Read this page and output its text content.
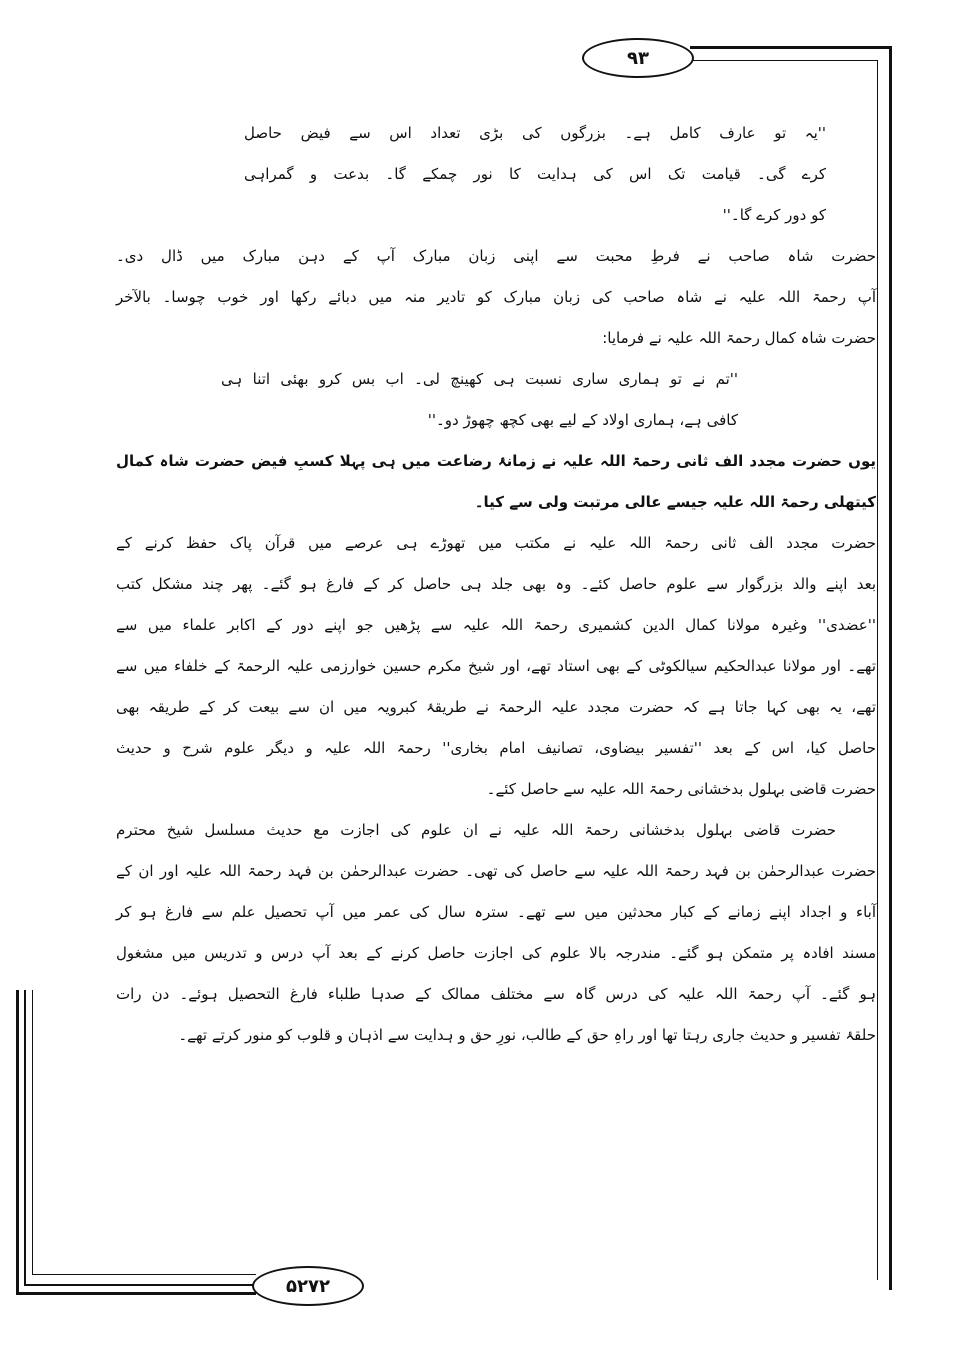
۹۳
۵۲۷۲
''یہ تو عارف کامل ہے۔ بزرگوں کی بڑی تعداد اس سے فیض حاصل
کرے گی۔ قیامت تک اس کی ہدایت کا نور چمکے گا۔ بدعت و گمراہی
کو دور کرے گا۔''
حضرت شاہ صاحب نے فرطِ محبت سے اپنی زبان مبارک آپ کے دہن مبارک میں ڈال دی۔
آپ رحمۃ اللہ علیہ نے شاہ صاحب کی زبان مبارک کو تادیر منہ میں دبائے رکھا اور خوب چوسا۔ بالآخر
حضرت شاہ کمال رحمۃ اللہ علیہ نے فرمایا:
''تم نے تو ہماری ساری نسبت ہی کھینچ لی۔ اب بس کرو بھئی اتنا ہی
کافی ہے، ہماری اولاد کے لیے بھی کچھ چھوڑ دو۔''
یوں حضرت مجدد الف ثانی رحمۃ اللہ علیہ نے زمانۂ رضاعت میں ہی پہلا کسبِ فیض حضرت شاہ کمال
کیتھلی رحمۃ اللہ علیہ جیسے عالی مرتبت ولی سے کیا۔
حضرت مجدد الف ثانی رحمۃ اللہ علیہ نے مکتب میں تھوڑے ہی عرصے میں قرآن پاک حفظ کرنے کے
بعد اپنے والد بزرگوار سے علوم حاصل کئے۔ وہ بھی جلد ہی حاصل کر کے فارغ ہو گئے۔ پھر چند مشکل کتب
''عضدی'' وغیرہ مولانا کمال الدین کشمیری رحمۃ اللہ علیہ سے پڑھیں جو اپنے دور کے اکابر علماء میں سے
تھے۔ اور مولانا عبدالحکیم سیالکوٹی کے بھی استاد تھے، اور شیخ مکرم حسین خوارزمی علیہ الرحمۃ کے خلفاء میں سے
تھے، یہ بھی کہا جاتا ہے کہ حضرت مجدد علیہ الرحمۃ نے طریقۂ کبرویہ میں ان سے بیعت کر کے طریقہ بھی
حاصل کیا، اس کے بعد ''تفسیر بیضاوی، تصانیف امام بخاری'' رحمۃ اللہ علیہ و دیگر علوم شرح و حدیث
حضرت قاضی بہلول بدخشانی رحمۃ اللہ علیہ سے حاصل کئے۔
حضرت قاضی بہلول بدخشانی رحمۃ اللہ علیہ نے ان علوم کی اجازت مع حدیث مسلسل شیخ محترم
حضرت عبدالرحمٰن بن فہد رحمۃ اللہ علیہ سے حاصل کی تھی۔ حضرت عبدالرحمٰن بن فہد رحمۃ اللہ علیہ اور ان کے
آباء و اجداد اپنے زمانے کے کبار محدثین میں سے تھے۔ سترہ سال کی عمر میں آپ تحصیل علم سے فارغ ہو کر
مسند افادہ پر متمکن ہو گئے۔ مندرجہ بالا علوم کی اجازت حاصل کرنے کے بعد آپ درس و تدریس میں مشغول
ہو گئے۔ آپ رحمۃ اللہ علیہ کی درس گاہ سے مختلف ممالک کے صدہا طلباء فارغ التحصیل ہوئے۔ دن رات
حلقۂ تفسیر و حدیث جاری رہتا تھا اور راہِ حق کے طالب، نورِ حق و ہدایت سے اذہان و قلوب کو منور کرتے تھے۔
